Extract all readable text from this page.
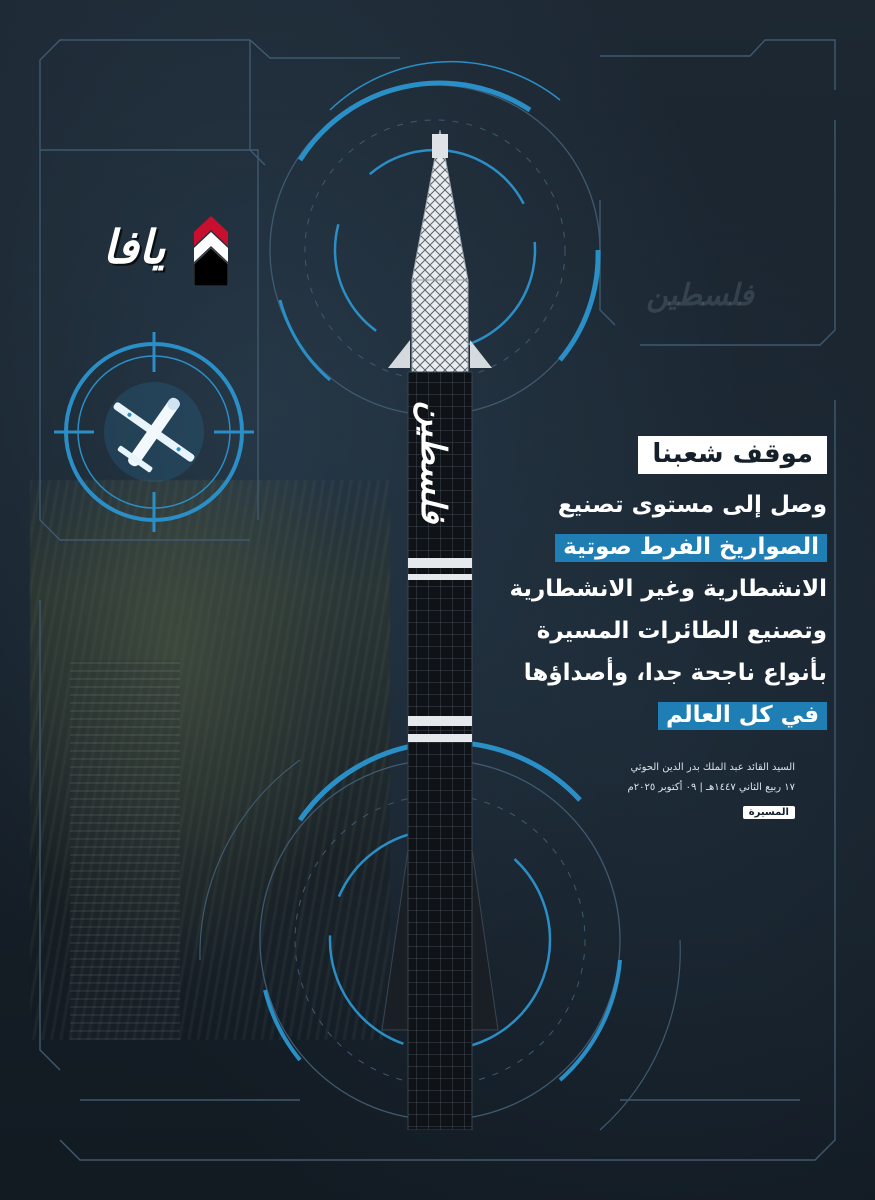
فلسطين
يافا
فلسطين	موقف شعبنا
وصل إلى مستوى تصنيع
الصواريخ الفرط صوتية
الانشطارية وغير الانشطارية
وتصنيع الطائرات المسيرة
بأنواع ناجحة جدا، وأصداؤها
في كل العالم
السيد القائد عبد الملك بدر الدين الحوثي
١٧ ربيع الثاني ١٤٤٧هـ | ٠٩ أكتوبر ٢٠٢٥م
المسيرة
